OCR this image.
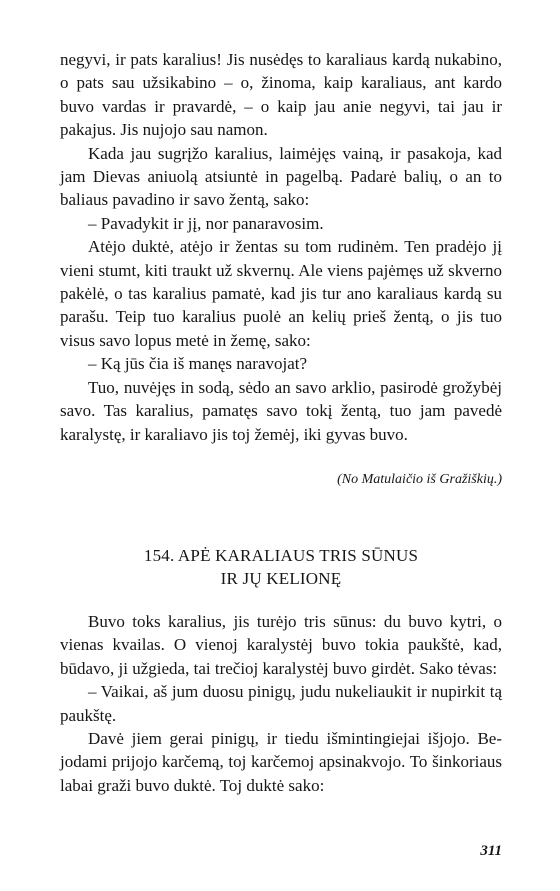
negyvi, ir pats karalius! Jis nusėdęs to karaliaus kardą nukabino, o pats sau užsikabino – o, žinoma, kaip karaliaus, ant kardo buvo vardas ir pravardė, – o kaip jau anie negyvi, tai jau ir pakajus. Jis nujojo sau namon.

Kada jau sugrįžo karalius, laimėjęs vainą, ir pasakoja, kad jam Dievas aniuolą atsiuntė in pagelbą. Padarė balių, o an to baliaus pavadino ir savo žentą, sako:

– Pavadykit ir jį, nor panaravosim.

Atėjo duktė, atėjo ir žentas su tom rudinėm. Ten pradėjo jį vieni stumt, kiti traukt už skvernų. Ale viens pajėmęs už skverno pakėlė, o tas karalius pamatė, kad jis tur ano karaliaus kardą su parašu. Teip tuo karalius puolė an kelių prieš žentą, o jis tuo visus savo lopus metė in žemę, sako:

– Ką jūs čia iš manęs naravojat?

Tuo, nuvėjęs in sodą, sėdo an savo arklio, pasirodė grožybėj savo. Tas karalius, pamatęs savo tokį žentą, tuo jam pavedė karalystę, ir karaliavo jis toj žemėj, iki gyvas buvo.

(No Matulaičio iš Gražiškių.)
154. APĖ KARALIAUS TRIS SŪNUS
IR JŲ KELIONĘ

Buvo toks karalius, jis turėjo tris sūnus: du buvo kytri, o vienas kvailas. O vienoj karalystėj buvo tokia paukštė, kad, būdavo, ji užgieda, tai trečioj karalystėj buvo girdėt. Sako tėvas:

– Vaikai, aš jum duosu pinigų, judu nukeliaukit ir nupirkit tą paukštę.

Davė jiem gerai pinigų, ir tiedu išmintingiejai išjojo. Bejodami prijojo karčemą, toj karčemoj apsinakvojo. To šinkoriaus labai graži buvo duktė. Toj duktė sako:

311
